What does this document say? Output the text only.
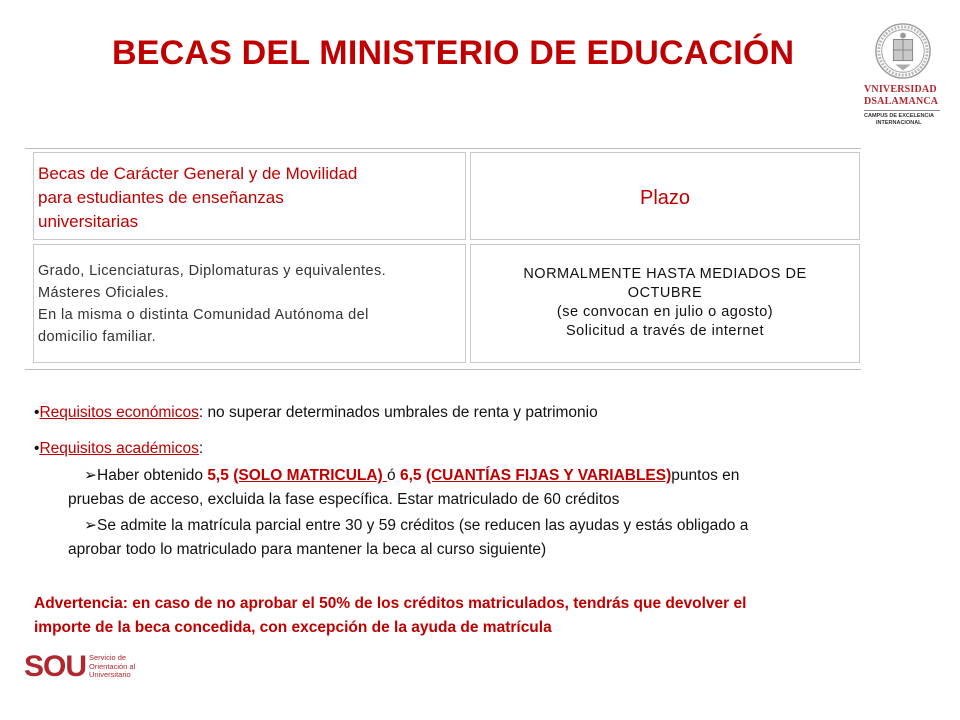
BECAS DEL MINISTERIO DE EDUCACIÓN
VNIVERSIDAD
DSALAMANCA
CAMPUS DE EXCELENCIA
INTERNACIONAL
Becas de Carácter General y de Movilidad
para estudiantes de enseñanzas
universitarias
Plazo
Grado, Licenciaturas, Diplomaturas y equivalentes.
Másteres Oficiales.
En la misma o distinta Comunidad Autónoma del
domicilio familiar.
NORMALMENTE HASTA MEDIADOS DE
OCTUBRE
(se convocan en julio o agosto)
Solicitud a través de internet
•Requisitos económicos: no superar determinados umbrales de renta y patrimonio
•Requisitos académicos:
➢Haber obtenido 5,5 (SOLO MATRICULA) ó 6,5 (CUANTÍAS FIJAS Y VARIABLES)puntos en
pruebas de acceso, excluida la fase específica. Estar matriculado de 60 créditos
➢Se admite la matrícula parcial entre 30 y 59 créditos (se reducen las ayudas y estás obligado a
aprobar todo lo matriculado para mantener la beca al curso siguiente)
Advertencia: en caso de no aprobar el 50% de los créditos matriculados, tendrás que devolver el
importe de la beca concedida, con excepción de la ayuda de matrícula
SOU Servicio de
Orientación al
Universitario
